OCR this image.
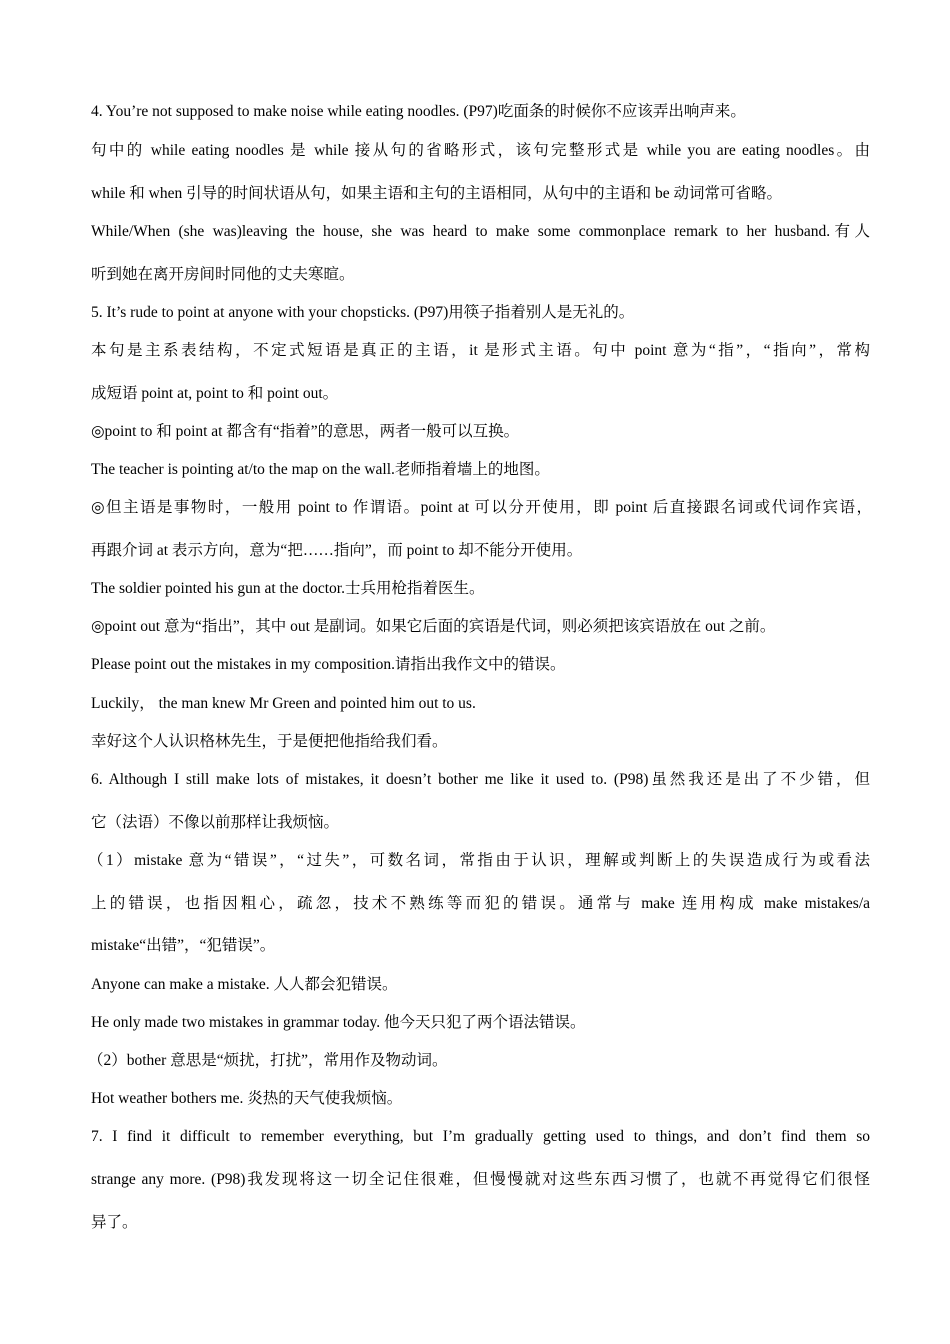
4. You’re not supposed to make noise while eating noodles. (P97)吃面条的时候你不应该弄出响声来。
句中的 while eating noodles 是 while 接从句的省略形式，该句完整形式是 while you are eating noodles。由
while 和 when 引导的时间状语从句，如果主语和主句的主语相同，从句中的主语和 be 动词常可省略。
While/When (she was)leaving the house, she was heard to make some commonplace remark to her husband.有人
听到她在离开房间时同他的丈夫寒暄。
5. It’s rude to point at anyone with your chopsticks. (P97)用筷子指着别人是无礼的。
本句是主系表结构，不定式短语是真正的主语，it 是形式主语。句中 point 意为“指”，“指向”，常构
成短语 point at, point to 和 point out。
◎point to 和 point at 都含有“指着”的意思，两者一般可以互换。
The teacher is pointing at/to the map on the wall.老师指着墙上的地图。
◎但主语是事物时，一般用 point to 作谓语。point at 可以分开使用，即 point 后直接跟名词或代词作宾语，
再跟介词 at 表示方向，意为“把……指向”，而 point to 却不能分开使用。
The soldier pointed his gun at the doctor.士兵用枪指着医生。
◎point out 意为“指出”，其中 out 是副词。如果它后面的宾语是代词，则必须把该宾语放在 out 之前。
Please point out the mistakes in my composition.请指出我作文中的错误。
Luckily， the man knew Mr Green and pointed him out to us.
幸好这个人认识格林先生，于是便把他指给我们看。
6. Although I still make lots of mistakes, it doesn’t bother me like it used to. (P98)虽然我还是出了不少错，但
它（法语）不像以前那样让我烦恼。
（1）mistake 意为“错误”，“过失”，可数名词，常指由于认识，理解或判断上的失误造成行为或看法
上的错误，也指因粗心，疏忽，技术不熟练等而犯的错误。通常与 make 连用构成 make mistakes/a
mistake“出错”，“犯错误”。
Anyone can make a mistake. 人人都会犯错误。
He only made two mistakes in grammar today. 他今天只犯了两个语法错误。
（2）bother 意思是“烦扰，打扰”，常用作及物动词。
Hot weather bothers me. 炎热的天气使我烦恼。
7. I find it difficult to remember everything, but I’m gradually getting used to things, and don’t find them so
strange any more. (P98)我发现将这一切全记住很难，但慢慢就对这些东西习惯了，也就不再觉得它们很怪
异了。
